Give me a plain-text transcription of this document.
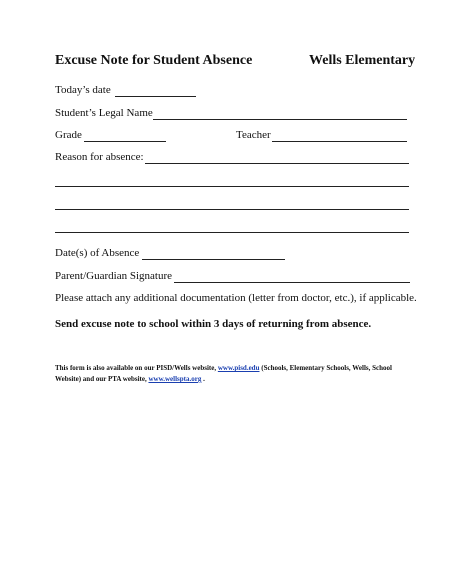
Excuse Note for Student Absence	Wells Elementary
Today’s date
Student’s Legal Name
Grade	Teacher
Reason for absence:
Date(s) of Absence
Parent/Guardian Signature
Please attach any additional documentation (letter from doctor, etc.), if applicable.
Send excuse note to school within 3 days of returning from absence.
This form is also available on our PISD/Wells website, www.pisd.edu (Schools, Elementary Schools, Wells, School Website) and our PTA website, www.wellspta.org .
